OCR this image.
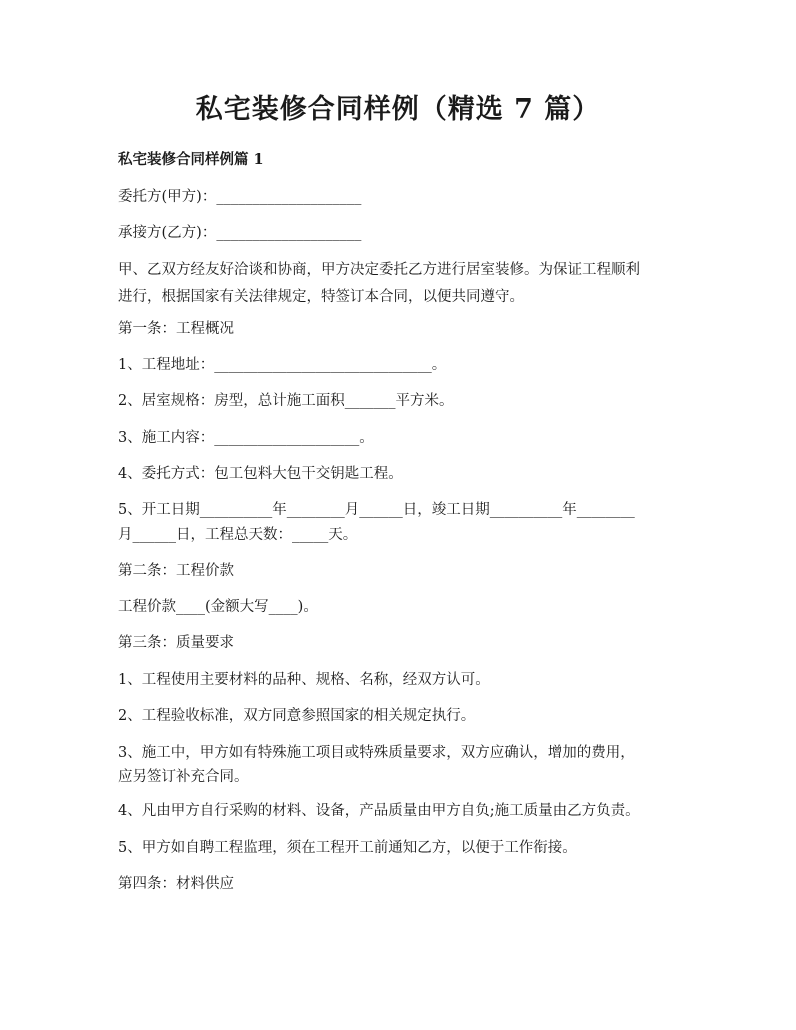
私宅装修合同样例（精选 7 篇）
私宅装修合同样例篇 1
委托方(甲方)：____________________
承接方(乙方)：____________________
甲、乙双方经友好洽谈和协商，甲方决定委托乙方进行居室装修。为保证工程顺利
进行，根据国家有关法律规定，特签订本合同，以便共同遵守。
第一条：工程概况
1、工程地址：______________________________。
2、居室规格：房型，总计施工面积_______平方米。
3、施工内容：____________________。
4、委托方式：包工包料大包干交钥匙工程。
5、开工日期__________年________月______日，竣工日期__________年________
月______日，工程总天数：_____天。
第二条：工程价款
工程价款____(金额大写____)。
第三条：质量要求
1、工程使用主要材料的品种、规格、名称，经双方认可。
2、工程验收标准，双方同意参照国家的相关规定执行。
3、施工中，甲方如有特殊施工项目或特殊质量要求，双方应确认，增加的费用，
应另签订补充合同。
4、凡由甲方自行采购的材料、设备，产品质量由甲方自负;施工质量由乙方负责。
5、甲方如自聘工程监理，须在工程开工前通知乙方，以便于工作衔接。
第四条：材料供应
